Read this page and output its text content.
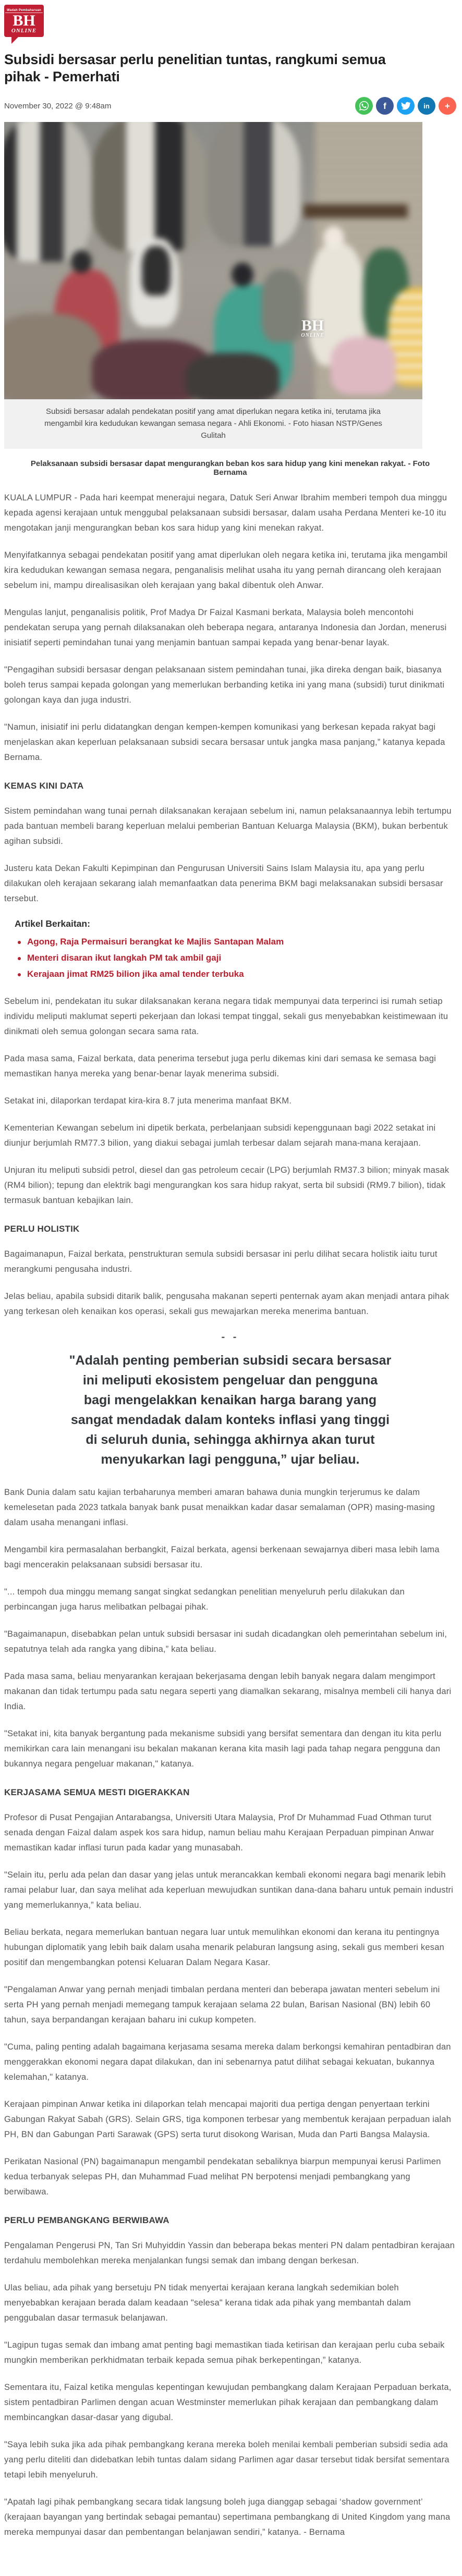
Wadah Pembaharuan
BH
ONLINE
Subsidi bersasar perlu penelitian tuntas, rangkumi semua pihak - Pemerhati
November 30, 2022 @ 9:48am	f	in +
BH
ONLINE

Subsidi bersasar adalah pendekatan positif yang amat diperlukan negara ketika ini, terutama jika mengambil kira kedudukan kewangan semasa negara - Ahli Ekonomi. - Foto hiasan NSTP/Genes Gulitah

Pelaksanaan subsidi bersasar dapat mengurangkan beban kos sara hidup yang kini menekan rakyat. - Foto Bernama

KUALA LUMPUR - Pada hari keempat menerajui negara, Datuk Seri Anwar Ibrahim memberi tempoh dua minggu kepada agensi kerajaan untuk menggubal pelaksanaan subsidi bersasar, dalam usaha Perdana Menteri ke-10 itu mengotakan janji mengurangkan beban kos sara hidup yang kini menekan rakyat.

Menyifatkannya sebagai pendekatan positif yang amat diperlukan oleh negara ketika ini, terutama jika mengambil kira kedudukan kewangan semasa negara, penganalisis melihat usaha itu yang pernah dirancang oleh kerajaan sebelum ini, mampu direalisasikan oleh kerajaan yang bakal dibentuk oleh Anwar.

Mengulas lanjut, penganalisis politik, Prof Madya Dr Faizal Kasmani berkata, Malaysia boleh mencontohi pendekatan serupa yang pernah dilaksanakan oleh beberapa negara, antaranya Indonesia dan Jordan, menerusi inisiatif seperti pemindahan tunai yang menjamin bantuan sampai kepada yang benar-benar layak.

"Pengagihan subsidi bersasar dengan pelaksanaan sistem pemindahan tunai, jika direka dengan baik, biasanya boleh terus sampai kepada golongan yang memerlukan berbanding ketika ini yang mana (subsidi) turut dinikmati golongan kaya dan juga industri.

"Namun, inisiatif ini perlu didatangkan dengan kempen-kempen komunikasi yang berkesan kepada rakyat bagi menjelaskan akan keperluan pelaksanaan subsidi secara bersasar untuk jangka masa panjang,” katanya kepada Bernama.

KEMAS KINI DATA

Sistem pemindahan wang tunai pernah dilaksanakan kerajaan sebelum ini, namun pelaksanaannya lebih tertumpu pada bantuan membeli barang keperluan melalui pemberian Bantuan Keluarga Malaysia (BKM), bukan berbentuk agihan subsidi.

Justeru kata Dekan Fakulti Kepimpinan dan Pengurusan Universiti Sains Islam Malaysia itu, apa yang perlu dilakukan oleh kerajaan sekarang ialah memanfaatkan data penerima BKM bagi melaksanakan subsidi bersasar tersebut.

Artikel Berkaitan:
Agong, Raja Permaisuri berangkat ke Majlis Santapan Malam
Menteri disaran ikut langkah PM tak ambil gaji
Kerajaan jimat RM25 bilion jika amal tender terbuka

Sebelum ini, pendekatan itu sukar dilaksanakan kerana negara tidak mempunyai data terperinci isi rumah setiap individu meliputi maklumat seperti pekerjaan dan lokasi tempat tinggal, sekali gus menyebabkan keistimewaan itu dinikmati oleh semua golongan secara sama rata.

Pada masa sama, Faizal berkata, data penerima tersebut juga perlu dikemas kini dari semasa ke semasa bagi memastikan hanya mereka yang benar-benar layak menerima subsidi.

Setakat ini, dilaporkan terdapat kira-kira 8.7 juta menerima manfaat BKM.

Kementerian Kewangan sebelum ini dipetik berkata, perbelanjaan subsidi kepenggunaan bagi 2022 setakat ini diunjur berjumlah RM77.3 bilion, yang diakui sebagai jumlah terbesar dalam sejarah mana-mana kerajaan.

Unjuran itu meliputi subsidi petrol, diesel dan gas petroleum cecair (LPG) berjumlah RM37.3 bilion; minyak masak (RM4 bilion); tepung dan elektrik bagi mengurangkan kos sara hidup rakyat, serta bil subsidi (RM9.7 bilion), tidak termasuk bantuan kebajikan lain.

PERLU HOLISTIK

Bagaimanapun, Faizal berkata, penstrukturan semula subsidi bersasar ini perlu dilihat secara holistik iaitu turut merangkumi pengusaha industri.

Jelas beliau, apabila subsidi ditarik balik, pengusaha makanan seperti penternak ayam akan menjadi antara pihak yang terkesan oleh kenaikan kos operasi, sekali gus mewajarkan mereka menerima bantuan.

- -

"Adalah penting pemberian subsidi secara bersasar ini meliputi ekosistem pengeluar dan pengguna bagi mengelakkan kenaikan harga barang yang sangat mendadak dalam konteks inflasi yang tinggi di seluruh dunia, sehingga akhirnya akan turut menyukarkan lagi pengguna,” ujar beliau.

Bank Dunia dalam satu kajian terbaharunya memberi amaran bahawa dunia mungkin terjerumus ke dalam kemelesetan pada 2023 tatkala banyak bank pusat menaikkan kadar dasar semalaman (OPR) masing-masing dalam usaha menangani inflasi.

Mengambil kira permasalahan berbangkit, Faizal berkata, agensi berkenaan sewajarnya diberi masa lebih lama bagi mencerakin pelaksanaan subsidi bersasar itu.

"... tempoh dua minggu memang sangat singkat sedangkan penelitian menyeluruh perlu dilakukan dan perbincangan juga harus melibatkan pelbagai pihak.

"Bagaimanapun, disebabkan pelan untuk subsidi bersasar ini sudah dicadangkan oleh pemerintahan sebelum ini, sepatutnya telah ada rangka yang dibina,” kata beliau.

Pada masa sama, beliau menyarankan kerajaan bekerjasama dengan lebih banyak negara dalam mengimport makanan dan tidak tertumpu pada satu negara seperti yang diamalkan sekarang, misalnya membeli cili hanya dari India.

"Setakat ini, kita banyak bergantung pada mekanisme subsidi yang bersifat sementara dan dengan itu kita perlu memikirkan cara lain menangani isu bekalan makanan kerana kita masih lagi pada tahap negara pengguna dan bukannya negara pengeluar makanan," katanya.

KERJASAMA SEMUA MESTI DIGERAKKAN

Profesor di Pusat Pengajian Antarabangsa, Universiti Utara Malaysia, Prof Dr Muhammad Fuad Othman turut senada dengan Faizal dalam aspek kos sara hidup, namun beliau mahu Kerajaan Perpaduan pimpinan Anwar memastikan kadar inflasi turun pada kadar yang munasabah.

"Selain itu, perlu ada pelan dan dasar yang jelas untuk merancakkan kembali ekonomi negara bagi menarik lebih ramai pelabur luar, dan saya melihat ada keperluan mewujudkan suntikan dana-dana baharu untuk pemain industri yang memerlukannya,” kata beliau.

Beliau berkata, negara memerlukan bantuan negara luar untuk memulihkan ekonomi dan kerana itu pentingnya hubungan diplomatik yang lebih baik dalam usaha menarik pelaburan langsung asing, sekali gus memberi kesan positif dan mengembangkan potensi Keluaran Dalam Negara Kasar.

"Pengalaman Anwar yang pernah menjadi timbalan perdana menteri dan beberapa jawatan menteri sebelum ini serta PH yang pernah menjadi memegang tampuk kerajaan selama 22 bulan, Barisan Nasional (BN) lebih 60 tahun, saya berpandangan kerajaan baharu ini cukup kompeten.

"Cuma, paling penting adalah bagaimana kerjasama sesama mereka dalam berkongsi kemahiran pentadbiran dan menggerakkan ekonomi negara dapat dilakukan, dan ini sebenarnya patut dilihat sebagai kekuatan, bukannya kelemahan," katanya.

Kerajaan pimpinan Anwar ketika ini dilaporkan telah mencapai majoriti dua pertiga dengan penyertaan terkini Gabungan Rakyat Sabah (GRS). Selain GRS, tiga komponen terbesar yang membentuk kerajaan perpaduan ialah PH, BN dan Gabungan Parti Sarawak (GPS) serta turut disokong Warisan, Muda dan Parti Bangsa Malaysia.

Perikatan Nasional (PN) bagaimanapun mengambil pendekatan sebaliknya biarpun mempunyai kerusi Parlimen kedua terbanyak selepas PH, dan Muhammad Fuad melihat PN berpotensi menjadi pembangkang yang berwibawa.

PERLU PEMBANGKANG BERWIBAWA

Pengalaman Pengerusi PN, Tan Sri Muhyiddin Yassin dan beberapa bekas menteri PN dalam pentadbiran kerajaan terdahulu membolehkan mereka menjalankan fungsi semak dan imbang dengan berkesan.

Ulas beliau, ada pihak yang bersetuju PN tidak menyertai kerajaan kerana langkah sedemikian boleh menyebabkan kerajaan berada dalam keadaan "selesa" kerana tidak ada pihak yang membantah dalam penggubalan dasar termasuk belanjawan.

"Lagipun tugas semak dan imbang amat penting bagi memastikan tiada ketirisan dan kerajaan perlu cuba sebaik mungkin memberikan perkhidmatan terbaik kepada semua pihak berkepentingan,” katanya.

Sementara itu, Faizal ketika mengulas kepentingan kewujudan pembangkang dalam Kerajaan Perpaduan berkata, sistem pentadbiran Parlimen dengan acuan Westminster memerlukan pihak kerajaan dan pembangkang dalam membincangkan dasar-dasar yang digubal.

"Saya lebih suka jika ada pihak pembangkang kerana mereka boleh menilai kembali pemberian subsidi sedia ada yang perlu diteliti dan didebatkan lebih tuntas dalam sidang Parlimen agar dasar tersebut tidak bersifat sementara tetapi lebih menyeluruh.

"Apatah lagi pihak pembangkang secara tidak langsung boleh juga dianggap sebagai ‘shadow government’ (kerajaan bayangan yang bertindak sebagai pemantau) sepertimana pembangkang di United Kingdom yang mana mereka mempunyai dasar dan pembentangan belanjawan sendiri,” katanya. - Bernama
